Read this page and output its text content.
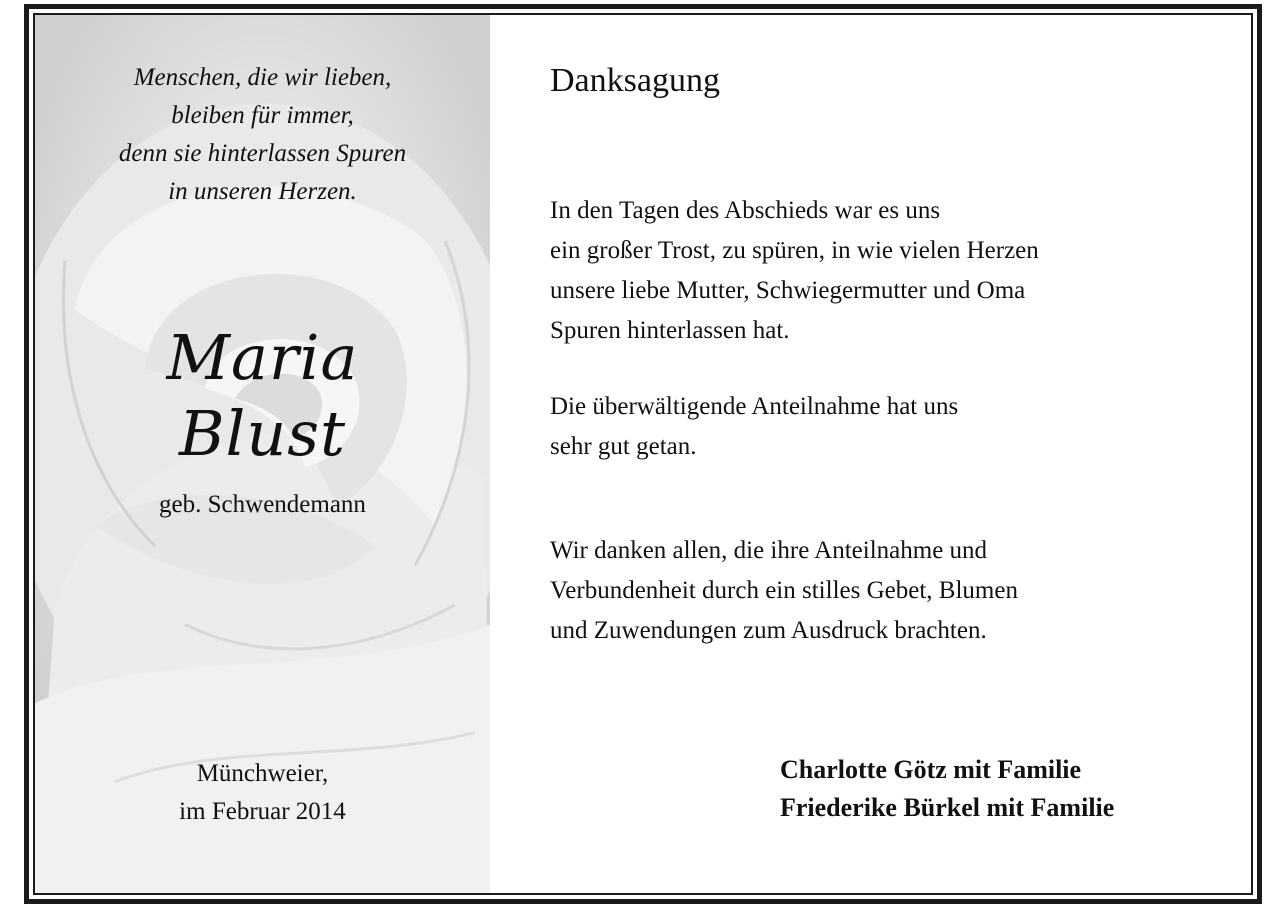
Menschen, die wir lieben,
bleiben für immer,
denn sie hinterlassen Spuren
in unseren Herzen.
Maria
Blust
geb. Schwendemann
Münchweier,
im Februar 2014
Danksagung
In den Tagen des Abschieds war es uns
ein großer Trost, zu spüren, in wie vielen Herzen
unsere liebe Mutter, Schwiegermutter und Oma
Spuren hinterlassen hat.
Die überwältigende Anteilnahme hat uns
sehr gut getan.
Wir danken allen, die ihre Anteilnahme und
Verbundenheit durch ein stilles Gebet, Blumen
und Zuwendungen zum Ausdruck brachten.
Charlotte Götz mit Familie
Friederike Bürkel mit Familie
